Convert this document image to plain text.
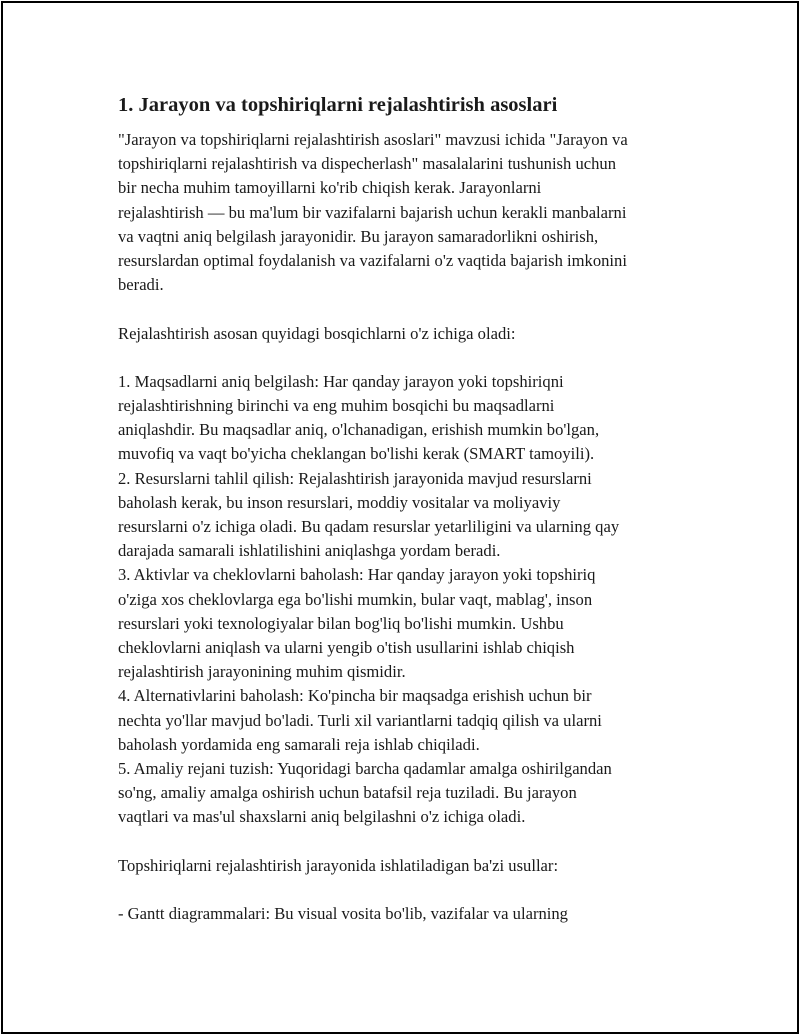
1. Jarayon va topshiriqlarni rejalashtirish asoslari
"Jarayon va topshiriqlarni rejalashtirish asoslari" mavzusi ichida "Jarayon va
topshiriqlarni rejalashtirish va dispecherlash" masalalarini tushunish uchun
bir necha muhim tamoyillarni ko'rib chiqish kerak. Jarayonlarni
rejalashtirish — bu ma'lum bir vazifalarni bajarish uchun kerakli manbalarni
va vaqtni aniq belgilash jarayonidir. Bu jarayon samaradorlikni oshirish,
resurslardan optimal foydalanish va vazifalarni o'z vaqtida bajarish imkonini
beradi.
Rejalashtirish asosan quyidagi bosqichlarni o'z ichiga oladi:
1. Maqsadlarni aniq belgilash: Har qanday jarayon yoki topshiriqni
rejalashtirishning birinchi va eng muhim bosqichi bu maqsadlarni
aniqlashdir. Bu maqsadlar aniq, o'lchanadigan, erishish mumkin bo'lgan,
muvofiq va vaqt bo'yicha cheklangan bo'lishi kerak (SMART tamoyili).
2. Resurslarni tahlil qilish: Rejalashtirish jarayonida mavjud resurslarni
baholash kerak, bu inson resurslari, moddiy vositalar va moliyaviy
resurslarni o'z ichiga oladi. Bu qadam resurslar yetarliligini va ularning qay
darajada samarali ishlatilishini aniqlashga yordam beradi.
3. Aktivlar va cheklovlarni baholash: Har qanday jarayon yoki topshiriq
o'ziga xos cheklovlarga ega bo'lishi mumkin, bular vaqt, mablag', inson
resurslari yoki texnologiyalar bilan bog'liq bo'lishi mumkin. Ushbu
cheklovlarni aniqlash va ularni yengib o'tish usullarini ishlab chiqish
rejalashtirish jarayonining muhim qismidir.
4. Alternativlarini baholash: Ko'pincha bir maqsadga erishish uchun bir
nechta yo'llar mavjud bo'ladi. Turli xil variantlarni tadqiq qilish va ularni
baholash yordamida eng samarali reja ishlab chiqiladi.
5. Amaliy rejani tuzish: Yuqoridagi barcha qadamlar amalga oshirilgandan
so'ng, amaliy amalga oshirish uchun batafsil reja tuziladi. Bu jarayon
vaqtlari va mas'ul shaxslarni aniq belgilashni o'z ichiga oladi.
Topshiriqlarni rejalashtirish jarayonida ishlatiladigan ba'zi usullar:
- Gantt diagrammalari: Bu visual vosita bo'lib, vazifalar va ularning
